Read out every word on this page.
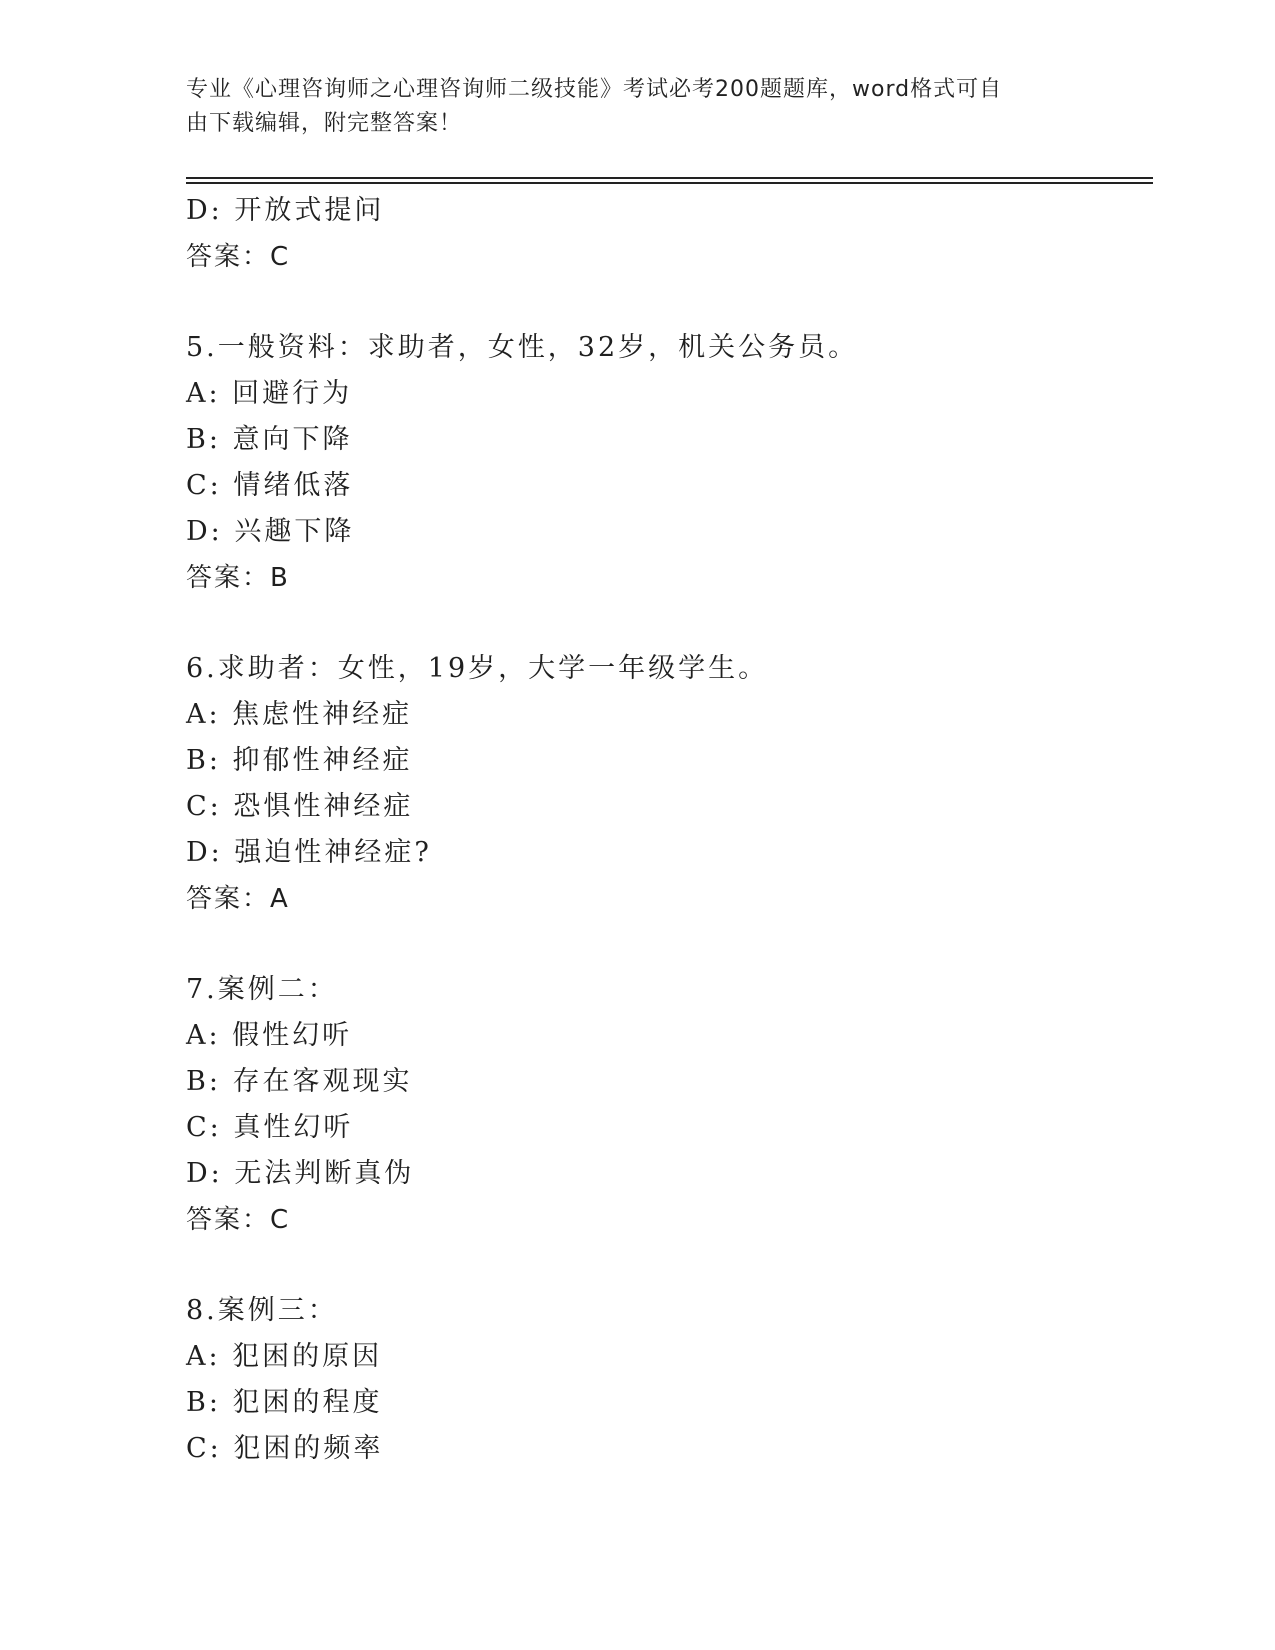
专业《心理咨询师之心理咨询师二级技能》考试必考200题题库，word格式可自
由下载编辑，附完整答案！
D: 开放式提问
答案：C
5.一般资料：求助者，女性，32岁，机关公务员。
A: 回避行为
B: 意向下降
C: 情绪低落
D: 兴趣下降
答案：B
6.求助者：女性，19岁，大学一年级学生。
A: 焦虑性神经症
B: 抑郁性神经症
C: 恐惧性神经症
D: 强迫性神经症?
答案：A
7.案例二：
A: 假性幻听
B: 存在客观现实
C: 真性幻听
D: 无法判断真伪
答案：C
8.案例三：
A: 犯困的原因
B: 犯困的程度
C: 犯困的频率
